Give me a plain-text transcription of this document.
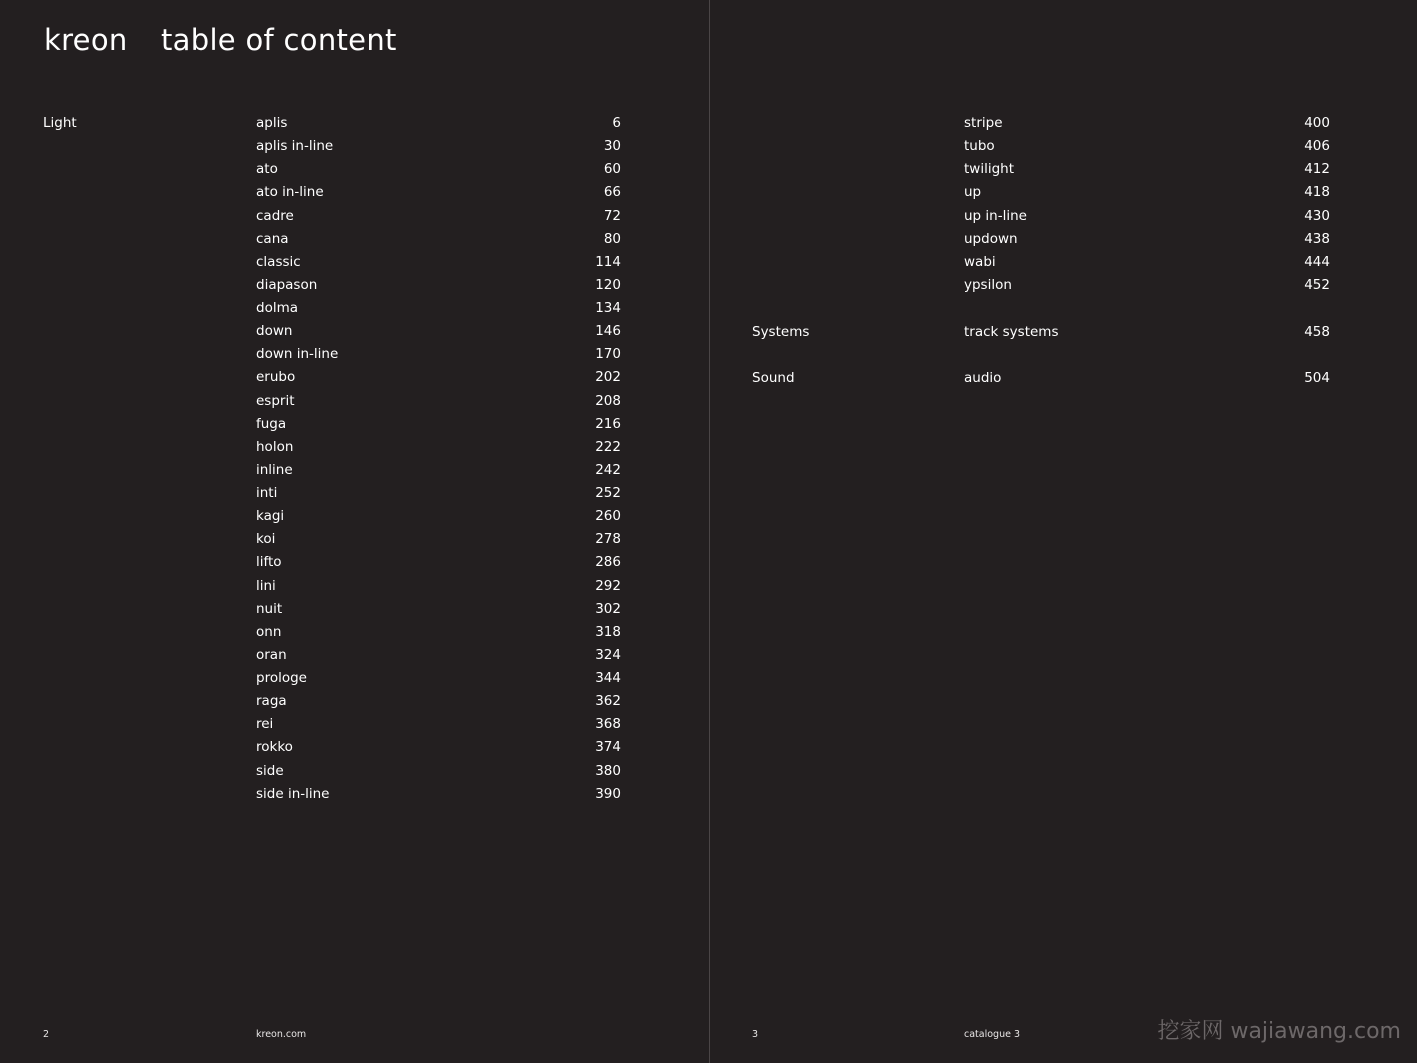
kreon table of content
Light	aplis	6
aplis in-line	30
ato	60
ato in-line	66
cadre	72
cana	80
classic	114
diapason	120
dolma	134
down	146
down in-line	170
erubo	202
esprit	208
fuga	216
holon	222
inline	242
inti	252
kagi	260
koi	278
lifto	286
lini	292
nuit	302
onn	318
oran	324
prologe	344
raga	362
rei	368
rokko	374
side	380
side in-line	390
2	kreon.com
stripe	400
tubo	406
twilight	412
up	418
up in-line	430
updown	438
wabi	444
ypsilon	452
Systems	track systems	458
Sound	audio	504
3	catalogue 3	挖家网 wajiawang.com
